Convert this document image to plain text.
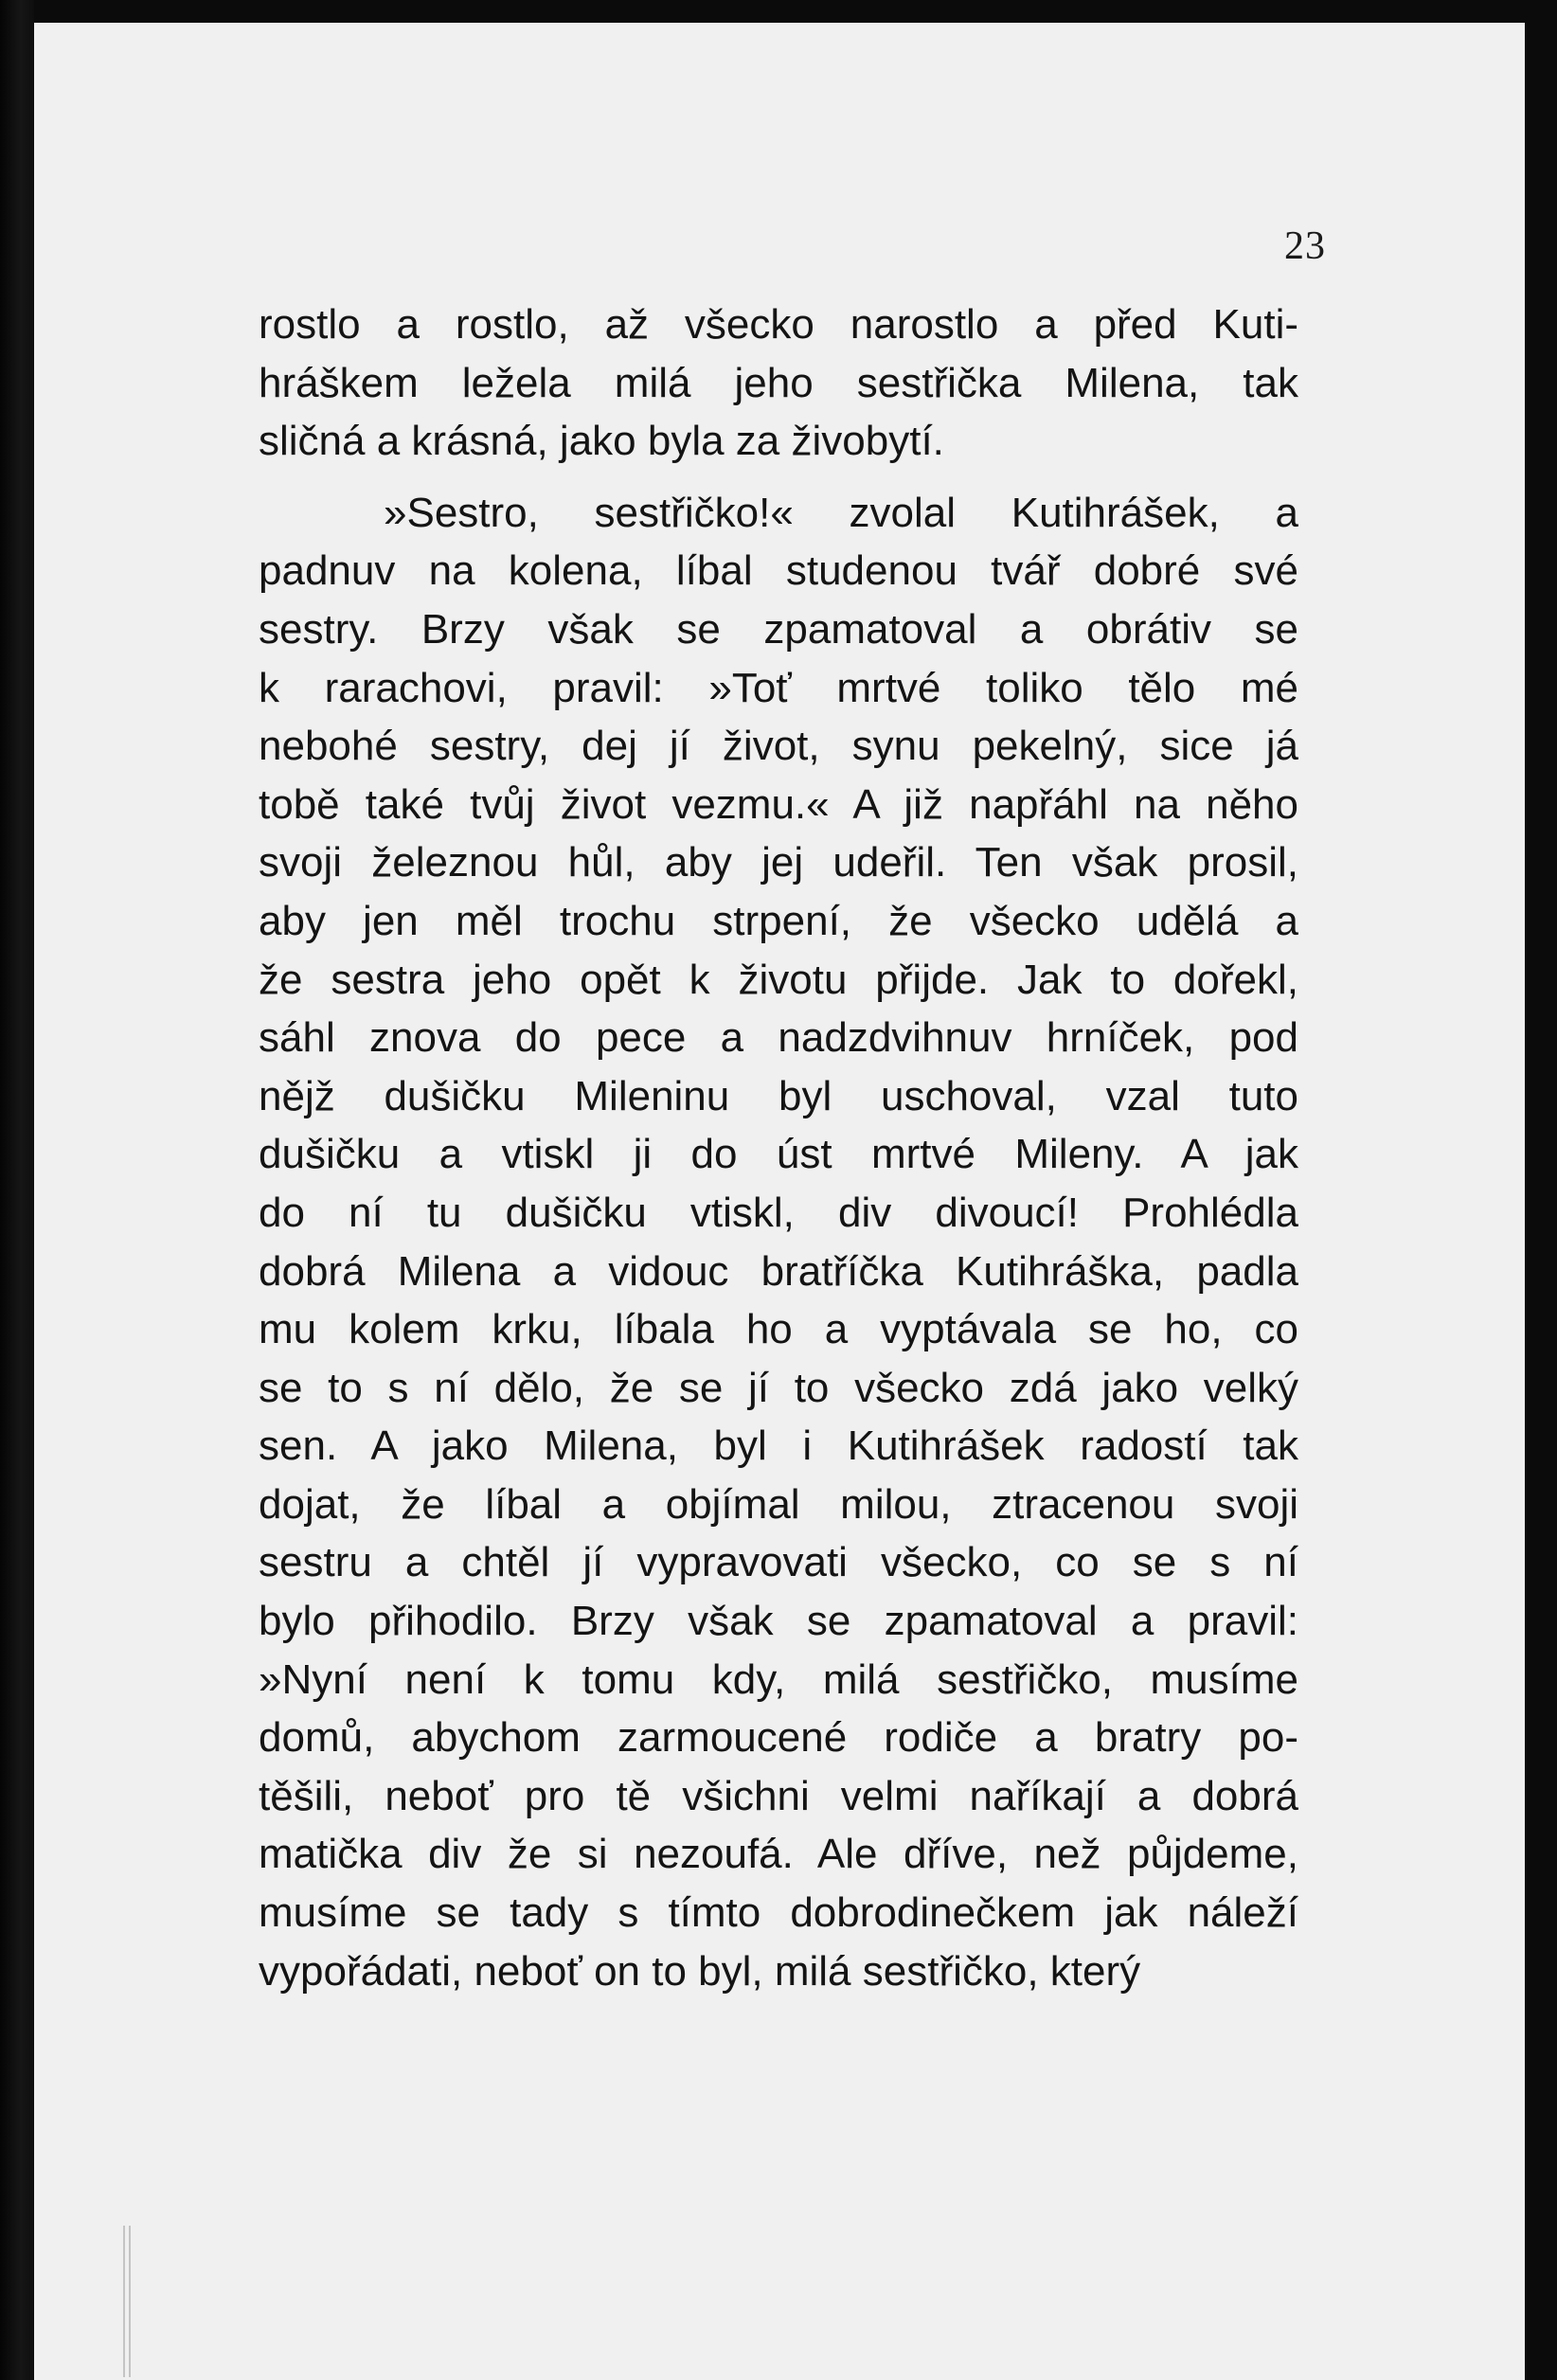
23

rostlo a rostlo, až všecko narostlo a před Kuti-
hráškem ležela milá jeho sestřička Milena, tak
sličná a krásná, jako byla za živobytí.

»Sestro, sestřičko!« zvolal Kutihrášek, a
padnuv na kolena, líbal studenou tvář dobré své
sestry. Brzy však se zpamatoval a obrátiv se
k rarachovi, pravil: »Toť mrtvé toliko tělo mé
nebohé sestry, dej jí život, synu pekelný, sice já
tobě také tvůj život vezmu.« A již napřáhl na něho
svoji železnou hůl, aby jej udeřil. Ten však prosil,
aby jen měl trochu strpení, že všecko udělá a
že sestra jeho opět k životu přijde. Jak to dořekl,
sáhl znova do pece a nadzdvihnuv hrníček, pod
nějž dušičku Mileninu byl uschoval, vzal tuto
dušičku a vtiskl ji do úst mrtvé Mileny. A jak
do ní tu dušičku vtiskl, div divoucí! Prohlédla
dobrá Milena a vidouc bratříčka Kutihráška, padla
mu kolem krku, líbala ho a vyptávala se ho, co
se to s ní dělo, že se jí to všecko zdá jako velký
sen. A jako Milena, byl i Kutihrášek radostí tak
dojat, že líbal a objímal milou, ztracenou svoji
sestru a chtěl jí vypravovati všecko, co se s ní
bylo přihodilo. Brzy však se zpamatoval a pravil:
»Nyní není k tomu kdy, milá sestřičko, musíme
domů, abychom zarmoucené rodiče a bratry po-
těšili, neboť pro tě všichni velmi naříkají a dobrá
matička div že si nezoufá. Ale dříve, než půjdeme,
musíme se tady s tímto dobrodinečkem jak náleží
vypořádati, neboť on to byl, milá sestřičko, který
